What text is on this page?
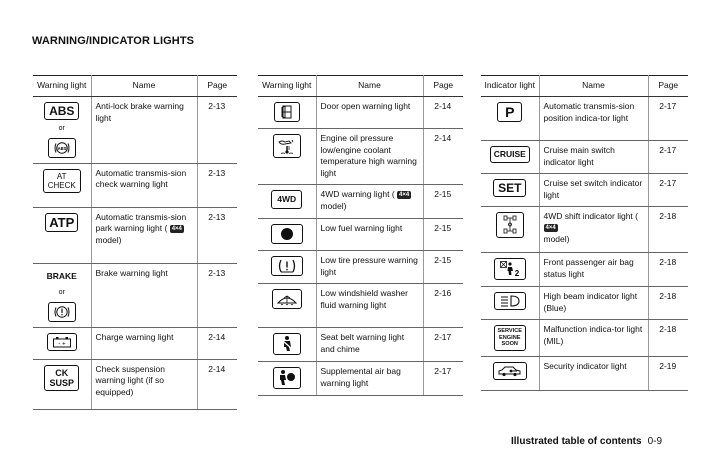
WARNING/INDICATOR LIGHTS
Warning light	Name	Page
ABS
or
(ABS)	Anti-lock brake warning light	2-13
AT
CHECK	Automatic transmis-sion check warning light	2-13
ATP	Automatic transmis-sion park warning light ( 4×4
model)	2-13
BRAKE
or	Brake warning light	2-13

- +	Charge warning light	2-14
CK
SUSP	Check suspension warning light (if so equipped)	2-14
Warning light	Name	Page

	Door open warning light	2-14

	Engine oil pressure low/engine coolant temperature high warning light	2-14
4WD	4WD warning light ( 4×4 model)	2-15

	Low fuel warning light	2-15

	Low tire pressure warning light	2-15

	Low windshield washer fluid warning light	2-16

	Seat belt warning light and chime	2-17

	Supplemental air bag warning light	2-17
Indicator light	Name	Page
P	Automatic transmis-sion position indica-tor light	2-17
CRUISE	Cruise main switch indicator light	2-17
SET	Cruise set switch indicator light	2-17

	4WD shift indicator light ( 4×4
model)	2-18

2	Front passenger air bag status light	2-18

	High beam indicator light (Blue)	2-18
SERVICE
ENGINE
SOON	Malfunction indica-tor light (MIL)	2-18

	Security indicator light	2-19
Illustrated table of contents 0-9
